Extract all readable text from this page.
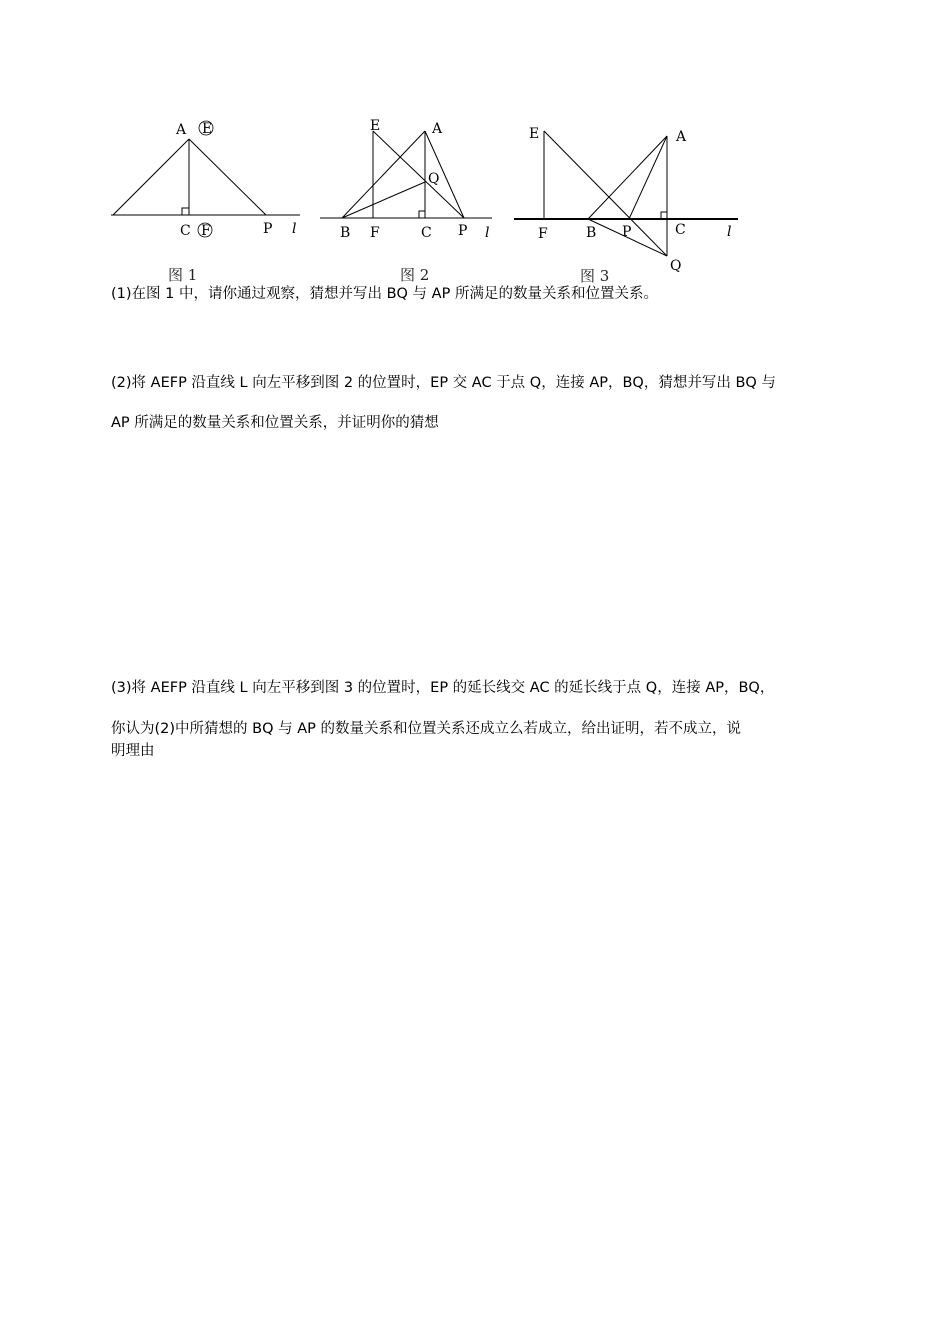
A E
C F	P l
图 1
E	A
Q
B F	C P l
图 2
E	A
F	B P	C
Q
l
图 3
(1)在图 1 中，请你通过观察，猜想并写出 BQ 与 AP 所满足的数量关系和位置关系。
(2)将 AEFP 沿直线 L 向左平移到图 2 的位置时，EP 交 AC 于点 Q，连接 AP，BQ，猜想并写出 BQ 与
AP 所满足的数量关系和位置关系，并证明你的猜想
(3)将 AEFP 沿直线 L 向左平移到图 3 的位置时，EP 的延长线交 AC 的延长线于点 Q，连接 AP，BQ，
你认为(2)中所猜想的 BQ 与 AP 的数量关系和位置关系还成立么若成立，给出证明，若不成立，说
明理由
